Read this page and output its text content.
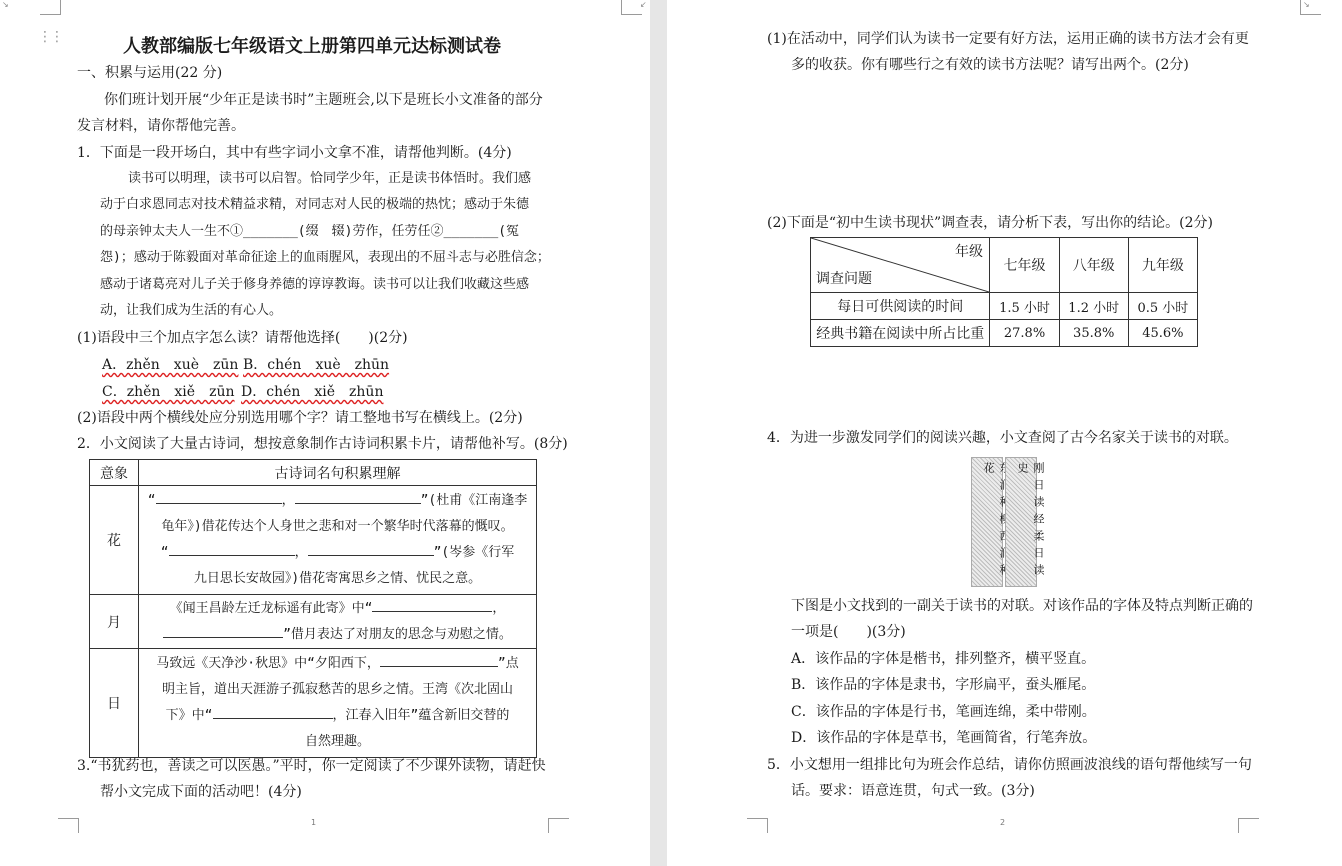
↘	↙
⋮⋮	人教部编版七年级语文上册第四单元达标测试卷
一、积累与运用(22 分)
你们班计划开展“少年正是读书时”主题班会,以下是班长小文准备的部分
发言材料，请你帮他完善。
1．下面是一段开场白，其中有些字词小文拿不准，请帮他判断。(4分)
读书可以明理，读书可以启智。恰同学少年，正是读书体悟时。我们感
动于白求恩同志对技术精益求精，对同志对人民的极端的热忱；感动于朱德
的母亲钟太夫人一生不①_______(缀　辍)劳作，任劳任②_______(冤
怨)；感动于陈毅面对革命征途上的血雨腥风，表现出的不屈斗志与必胜信念；
感动于诸葛亮对儿子关于修身养德的谆谆教诲。读书可以让我们收藏这些感
动，让我们成为生活的有心人。
(1)语段中三个加点字怎么读？请帮他选择(　　)(2分)
A．zhěn　xuè　zūn B．chén　xuè　zhūn
C．zhěn　xiě　zūn D．chén　xiě　zhūn
(2)语段中两个横线处应分别选用哪个字？请工整地书写在横线上。(2分)
2．小文阅读了大量古诗词，想按意象制作古诗词积累卡片，请帮他补写。(8分)
意象	古诗词名句积累理解
花	“ ， ”(杜甫《江南逢李
龟年》)借花传达个人身世之悲和对一个繁华时代落幕的慨叹。
“ ， ”(岑参《行军
九日思长安故园》)借花寄寓思乡之情、忧民之意。

月	《闻王昌龄左迁龙标遥有此寄》中“ ，
”借月表达了对朋友的思念与劝慰之情。

日	马致远《天净沙·秋思》中“夕阳西下， ”点
明主旨，道出天涯游子孤寂愁苦的思乡之情。王湾《次北固山
下》中“ ，江春入旧年”蕴含新旧交替的
自然理趣。
3.“书犹药也，善读之可以医愚。”平时，你一定阅读了不少课外读物，请赶快
帮小文完成下面的活动吧！(4分)
1
↘
(1)在活动中，同学们认为读书一定要有好方法，运用正确的读书方法才会有更
多的收获。你有哪些行之有效的读书方法呢？请写出两个。(2分)
(2)下面是“初中生读书现状”调查表，请分析下表，写出你的结论。(2分)
年级
调查问题	七年级	八年级	九年级
每日可供阅读的时间	1.5 小时	1.2 小时	0.5 小时
经典书籍在阅读中所占比重	27.8%	35.8%	45.6%
4．为进一步激发同学们的阅读兴趣，小文查阅了古今名家关于读书的对联。
花	刚日读经柔日读史
下图是小文找到的一副关于读书的对联。对该作品的字体及特点判断正确的
一项是(　　)(3分)
A．该作品的字体是楷书，排列整齐，横平竖直。
B．该作品的字体是隶书，字形扁平，蚕头雁尾。
C．该作品的字体是行书，笔画连绵，柔中带刚。
D．该作品的字体是草书，笔画简省，行笔奔放。
5．小文想用一组排比句为班会作总结，请你仿照画波浪线的语句帮他续写一句
话。要求：语意连贯，句式一致。(3分)
2
